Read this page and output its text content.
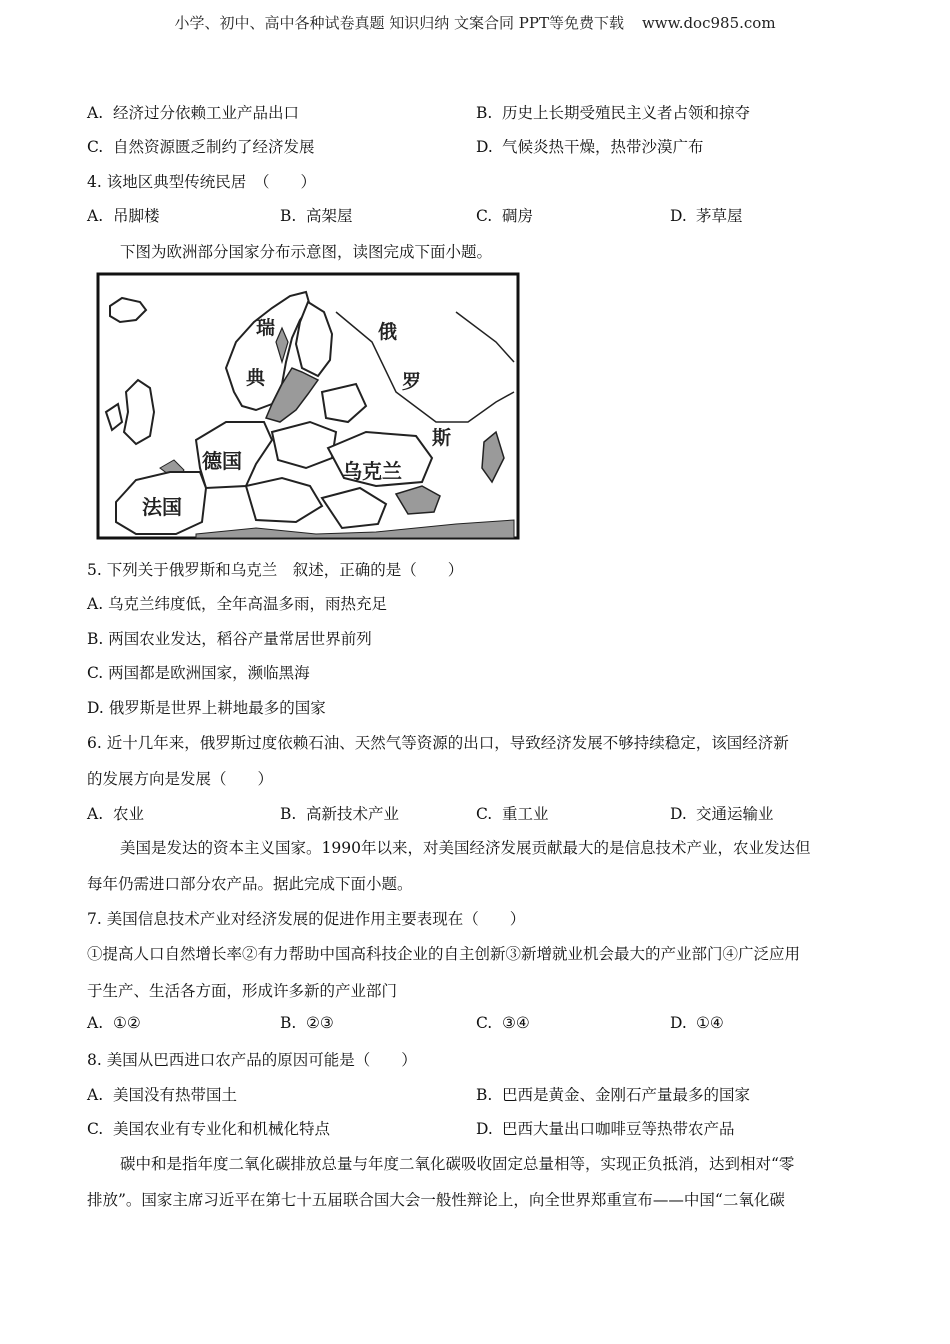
小学、初中、高中各种试卷真题 知识归纳 文案合同 PPT等免费下载 www.doc985.com
A. 经济过分依赖工业产品出口	B. 历史上长期受殖民主义者占领和掠夺
C. 自然资源匮乏制约了经济发展	D. 气候炎热干燥，热带沙漠广布
4. 该地区典型传统民居　（　　）
A. 吊脚楼	B. 高架屋	C. 碉房	D. 茅草屋
下图为欧洲部分国家分布示意图，读图完成下面小题。
瑞
典
俄
罗
斯
德国
法国
乌克兰
5. 下列关于俄罗斯和乌克兰　叙述，正确的是（　　）
A. 乌克兰纬度低，全年高温多雨，雨热充足
B. 两国农业发达，稻谷产量常居世界前列
C. 两国都是欧洲国家，濒临黑海
D. 俄罗斯是世界上耕地最多的国家
6. 近十几年来，俄罗斯过度依赖石油、天然气等资源的出口，导致经济发展不够持续稳定，该国经济新
的发展方向是发展（　　）
A. 农业	B. 高新技术产业	C. 重工业	D. 交通运输业
美国是发达的资本主义国家。1990年以来，对美国经济发展贡献最大的是信息技术产业，农业发达但
每年仍需进口部分农产品。据此完成下面小题。
7. 美国信息技术产业对经济发展的促进作用主要表现在（　　）
①提高人口自然增长率②有力帮助中国高科技企业的自主创新③新增就业机会最大的产业部门④广泛应用
于生产、生活各方面，形成许多新的产业部门
A. ①②	B. ②③	C. ③④	D. ①④
8. 美国从巴西进口农产品的原因可能是（　　）
A. 美国没有热带国土	B. 巴西是黄金、金刚石产量最多的国家
C. 美国农业有专业化和机械化特点	D. 巴西大量出口咖啡豆等热带农产品
碳中和是指年度二氧化碳排放总量与年度二氧化碳吸收固定总量相等，实现正负抵消，达到相对“零
排放”。国家主席习近平在第七十五届联合国大会一般性辩论上，向全世界郑重宣布——中国“二氧化碳
